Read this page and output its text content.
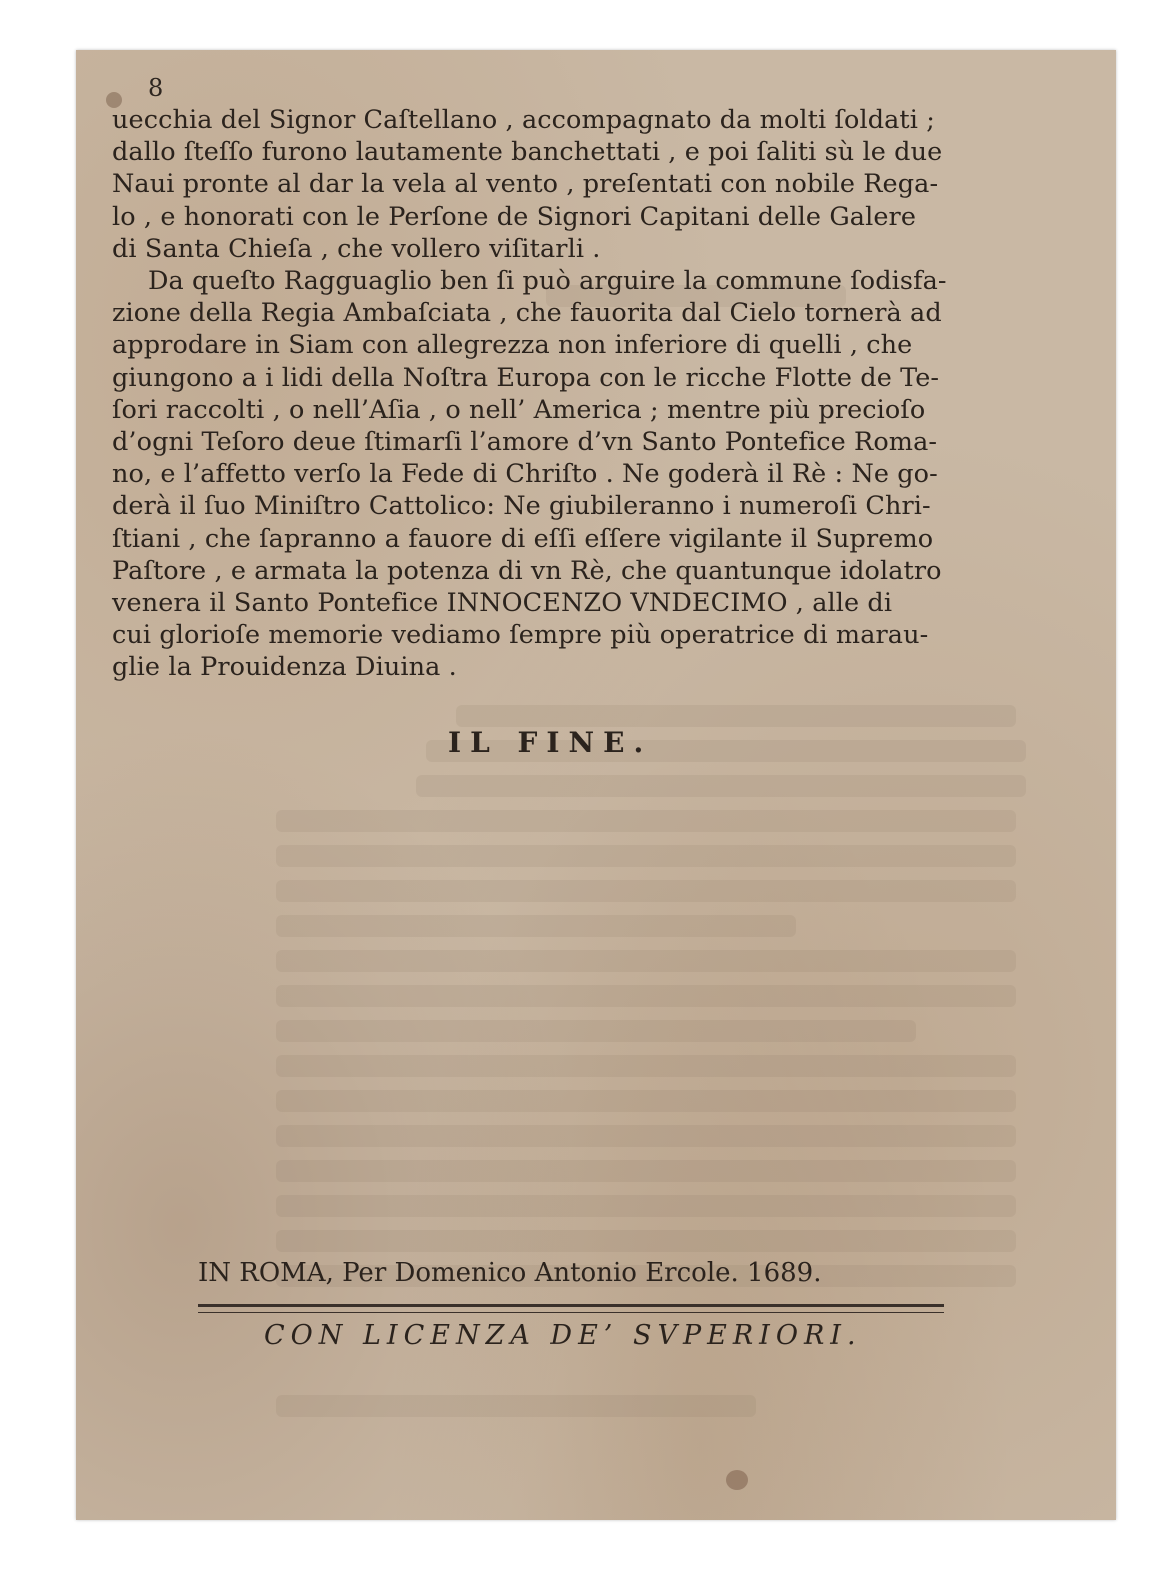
8
uecchia del Signor Caſtellano , accompagnato da molti ſoldati ;
dallo ſteſſo furono lautamente banchettati , e poi ſaliti sù le due
Naui pronte al dar la vela al vento , preſentati con nobile Rega-
lo , e honorati con le Perſone de Signori Capitani delle Galere
di Santa Chieſa , che vollero viſitarli .
Da queſto Ragguaglio ben ſi può arguire la commune ſodisfa-
zione della Regia Ambaſciata , che fauorita dal Cielo tornerà ad
approdare in Siam con allegrezza non inferiore di quelli , che
giungono a i lidi della Noſtra Europa con le ricche Flotte de Te-
ſori raccolti , o nell’Aſia , o nell’ America ; mentre più precioſo
d’ogni Teſoro deue ſtimarſi l’amore d’vn Santo Pontefice Roma-
no, e l’affetto verſo la Fede di Chriſto . Ne goderà il Rè : Ne go-
derà il ſuo Miniſtro Cattolico: Ne giubileranno i numeroſi Chri-
ſtiani , che ſapranno a fauore di eſſi eſſere vigilante il Supremo
Paſtore , e armata la potenza di vn Rè, che quantunque idolatro
venera il Santo Pontefice INNOCENZO VNDECIMO , alle di
cui glorioſe memorie vediamo ſempre più operatrice di marau-
glie la Prouidenza Diuina .
IL FINE.
IN ROMA, Per Domenico Antonio Ercole. 1689.
CON LICENZA DE’ SVPERIORI.
